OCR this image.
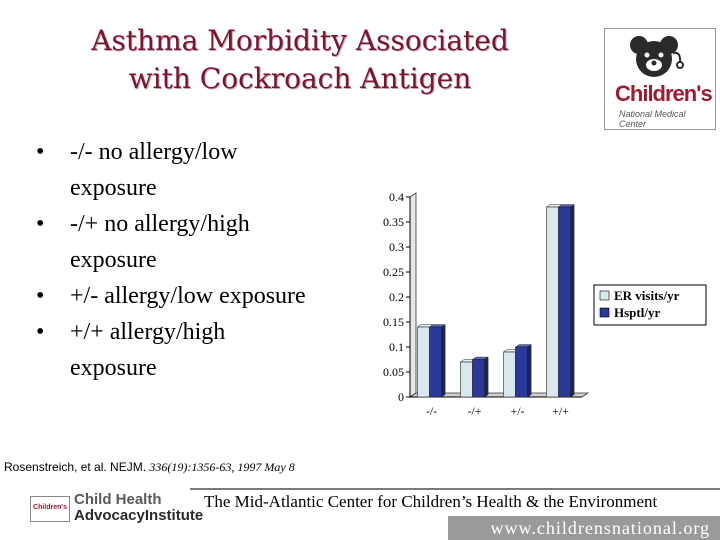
Asthma Morbidity Associated
with Cockroach Antigen	Children's
National Medical Center
• -/- no allergy/low
exposure
• -/+ no allergy/high
exposure
• +/- allergy/low exposure
• +/+ allergy/high
exposure
0
0.05
0.1
0.15
0.2
0.25
0.3
0.35
0.4
-/-	-/+ +/- +/+
ER visits/yr
Hsptl/yr
Rosenstreich, et al. NEJM. 336(19):1356-63, 1997 May 8
Children's Child Health
AdvocacyInstitute
The Mid-Atlantic Center for Children’s Health & the Environment
www.childrensnational.org
